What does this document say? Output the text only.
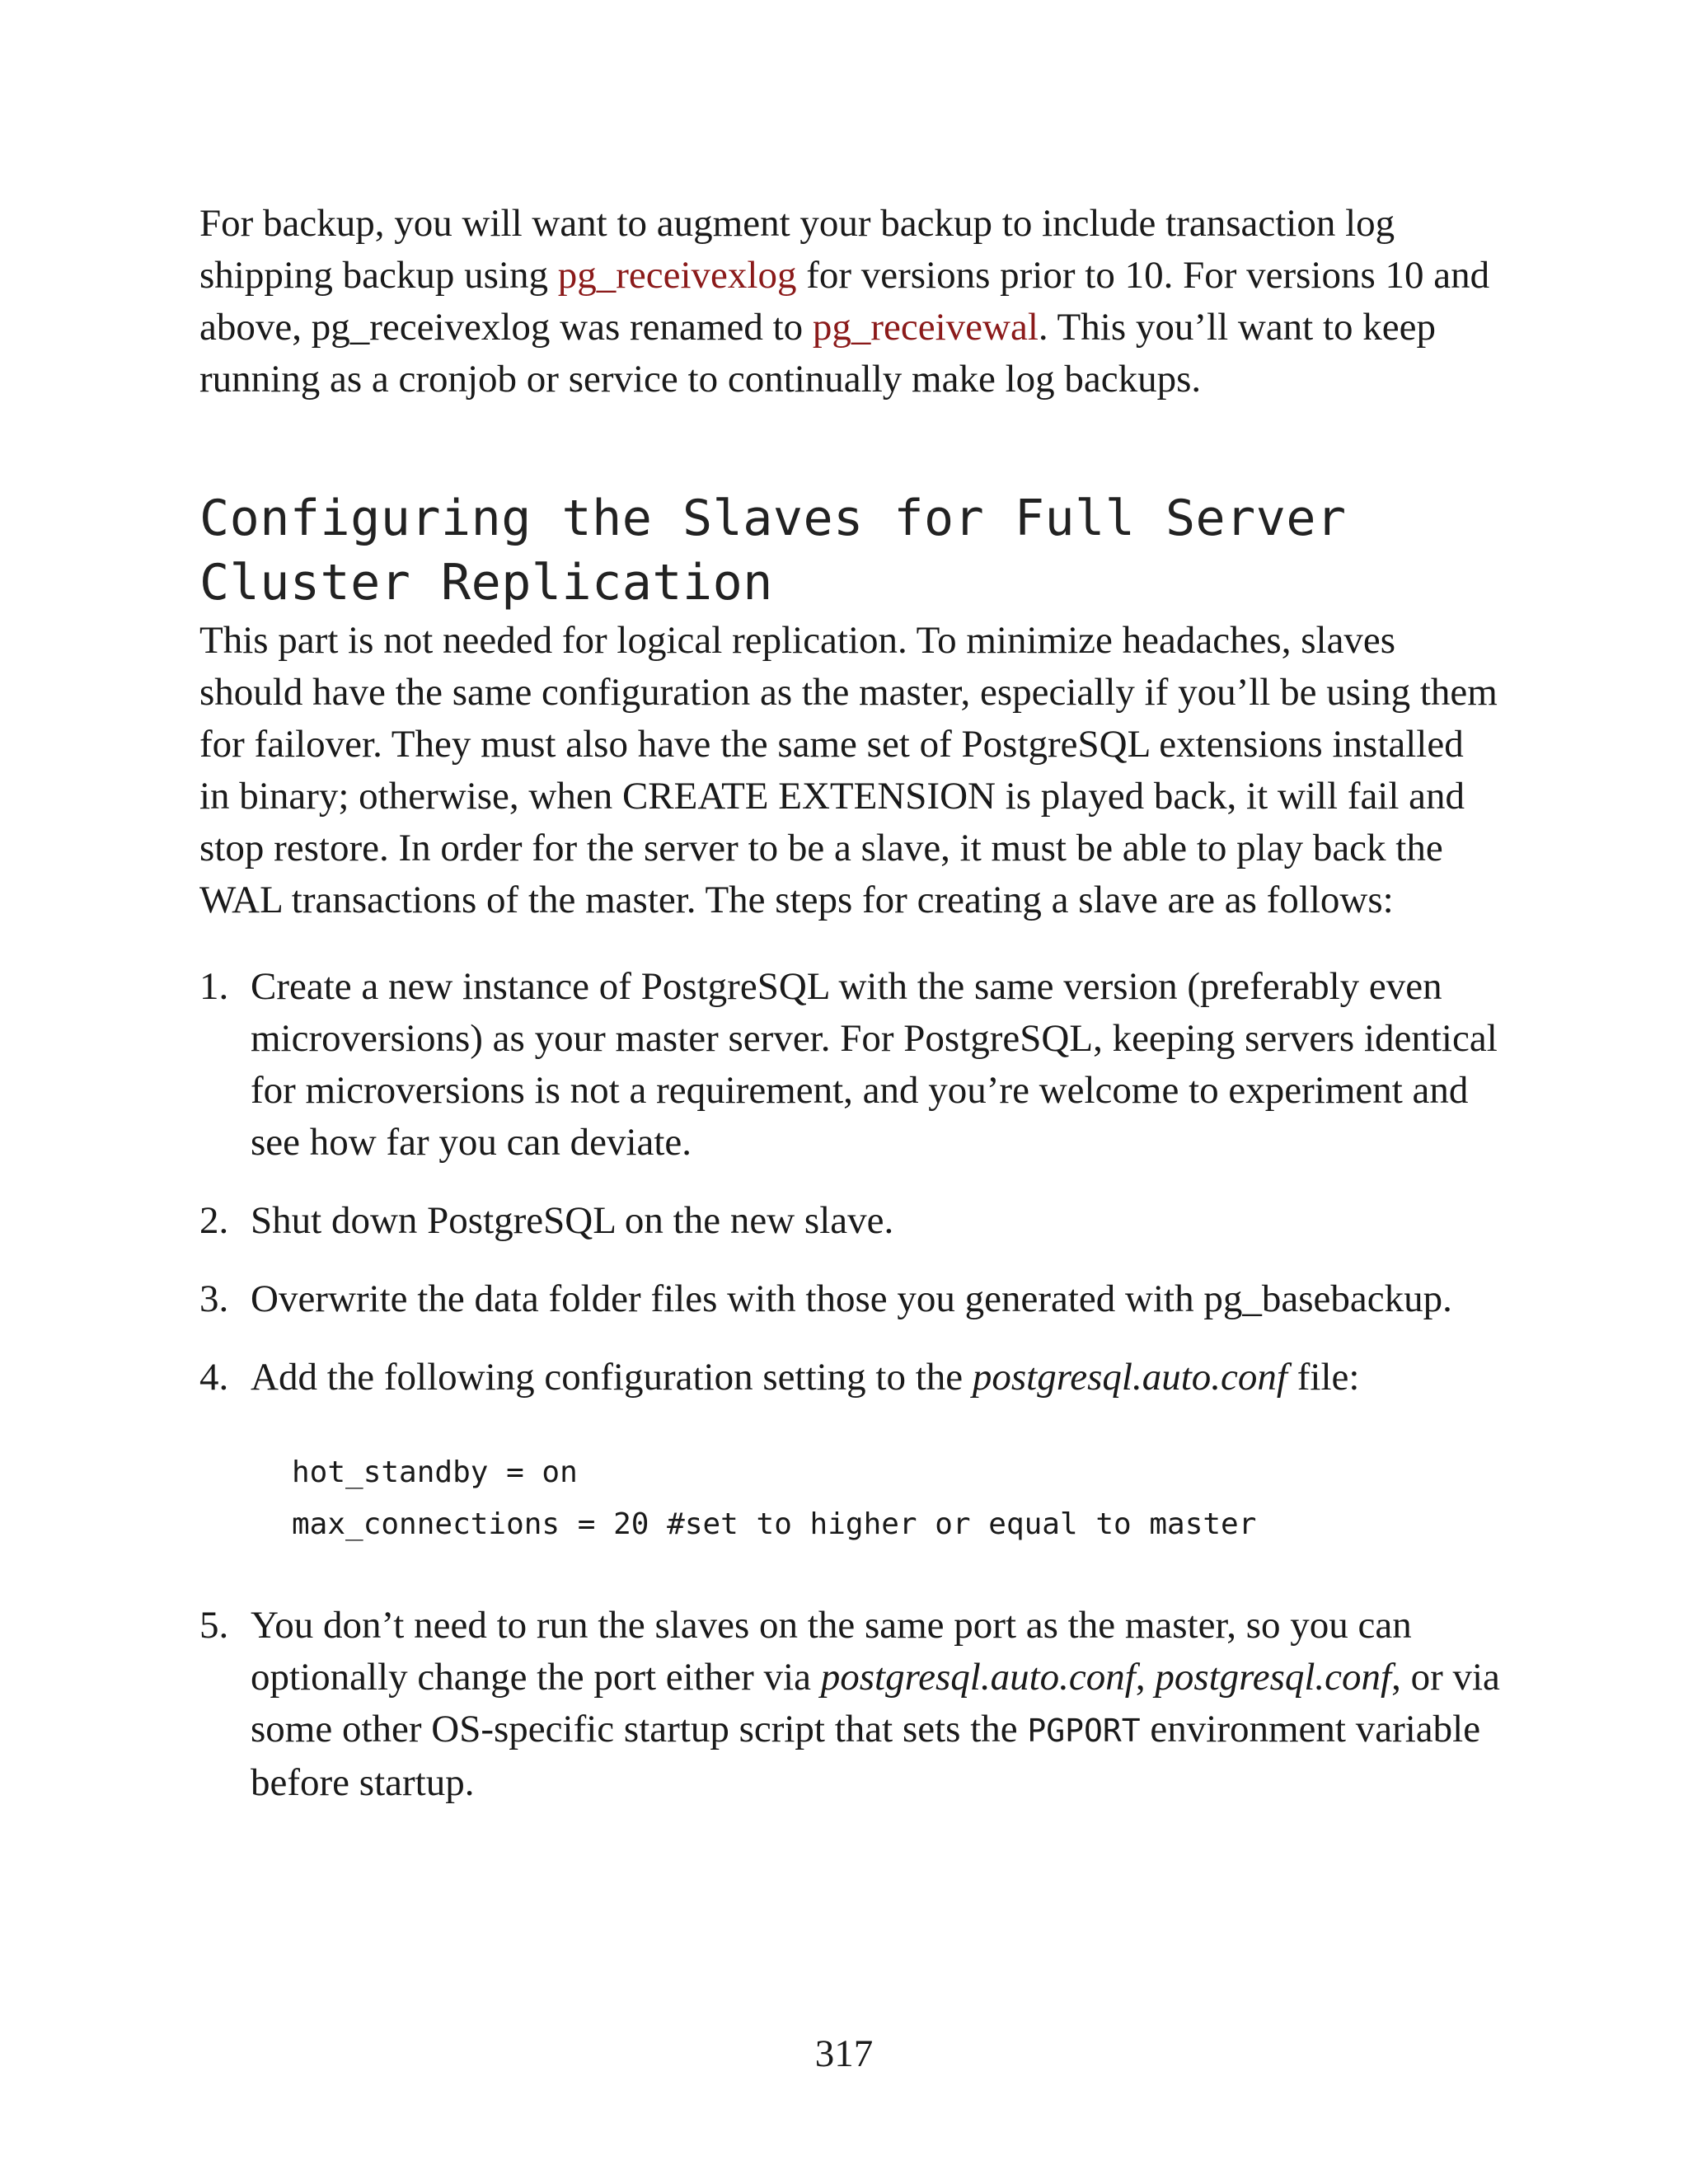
For backup, you will want to augment your backup to include transaction log shipping backup using pg_receivexlog for versions prior to 10. For versions 10 and above, pg_receivexlog was renamed to pg_receivewal. This you’ll want to keep running as a cronjob or service to continually make log backups.

Configuring the Slaves for Full Server Cluster Replication

This part is not needed for logical replication. To minimize headaches, slaves should have the same configuration as the master, especially if you’ll be using them for failover. They must also have the same set of PostgreSQL extensions installed in binary; otherwise, when CREATE EXTENSION is played back, it will fail and stop restore. In order for the server to be a slave, it must be able to play back the WAL transactions of the master. The steps for creating a slave are as follows:

1. Create a new instance of PostgreSQL with the same version (preferably even microversions) as your master server. For PostgreSQL, keeping servers identical for microversions is not a requirement, and you’re welcome to experiment and see how far you can deviate.
2. Shut down PostgreSQL on the new slave.
3. Overwrite the data folder files with those you generated with pg_basebackup.
4. Add the following configuration setting to the postgresql.auto.conf file:
hot_standby = on
max_connections = 20 #set to higher or equal to master
5. You don’t need to run the slaves on the same port as the master, so you can optionally change the port either via postgresql.auto.conf, postgresql.conf, or via some other OS-specific startup script that sets the PGPORT environment variable before startup.
317
